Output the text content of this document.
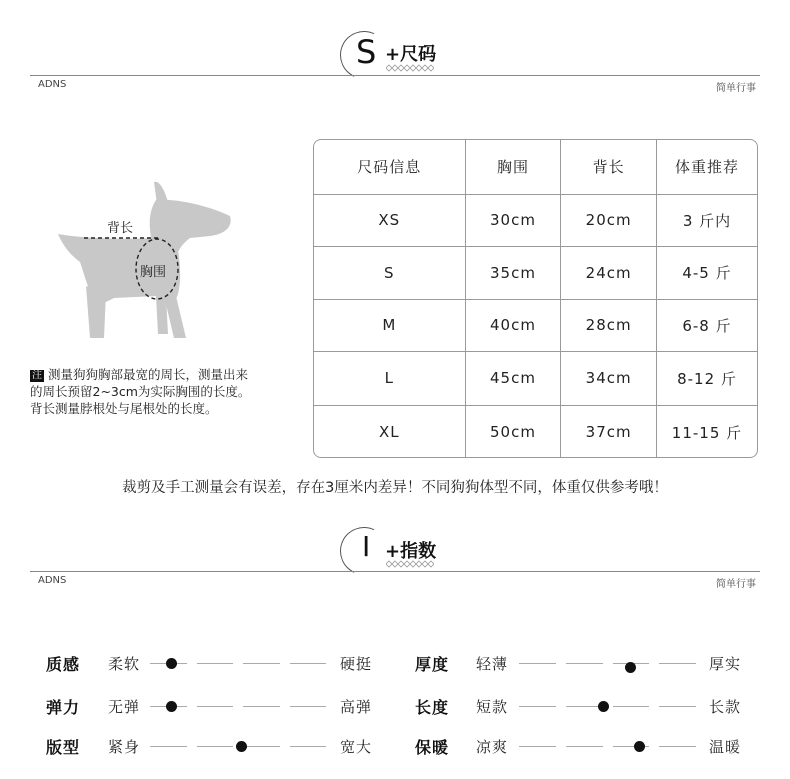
S +尺码
ADNS	简单行事
背长
胸围
注 测量狗狗胸部最宽的周长，测量出来
的周长预留2~3cm为实际胸围的长度。
背长测量脖根处与尾根处的长度。
尺码信息	胸围	背长	体重推荐
XS	30cm	20cm	3 斤内
S	35cm	24cm	4-5 斤
M	40cm	28cm	6-8 斤
L	45cm	34cm	8-12 斤
XL	50cm	37cm	11-15 斤
裁剪及手工测量会有误差，存在3厘米内差异！不同狗狗体型不同，体重仅供参考哦！
I +指数
ADNS	简单行事
质感 柔软	硬挺
弹力 无弹	高弹
版型 紧身	宽大
厚度 轻薄	厚实
长度 短款	长款
保暖 凉爽	温暖
